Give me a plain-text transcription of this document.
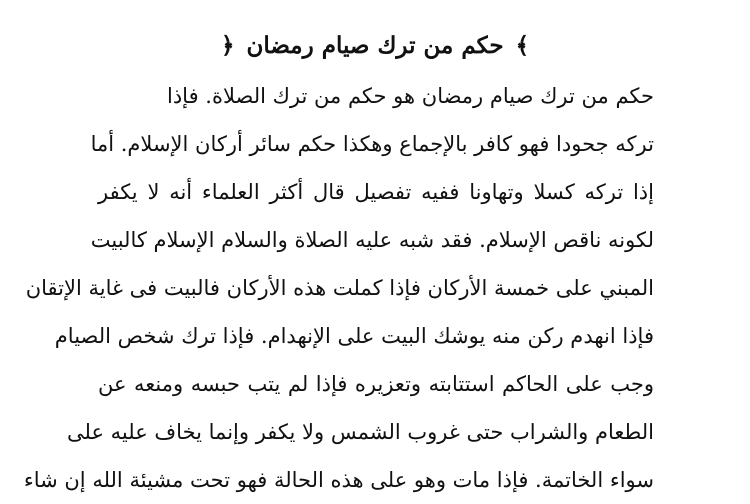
﴾ حكم من ترك صيام رمضان ﴿
حكم من ترك صيام رمضان هو حكم من ترك الصلاة. فإذا
تركه جحودا فهو كافر بالإجماع وهكذا حكم سائر أركان الإسلام. أما
إذا تركه كسلا وتهاونا ففيه تفصيل قال أكثر العلماء أنه لا يكفر
لكونه ناقص الإسلام. فقد شبه عليه الصلاة والسلام الإسلام كالبيت
المبني على خمسة الأركان فإذا كملت هذه الأركان فالبيت فى غاية الإتقان
فإذا انهدم ركن منه يوشك البيت على الإنهدام. فإذا ترك شخص الصيام
وجب على الحاكم استتابته وتعزيره فإذا لم يتب حبسه ومنعه عن
الطعام والشراب حتى غروب الشمس ولا يكفر وإنما يخاف عليه على
سواء الخاتمة. فإذا مات وهو على هذه الحالة فهو تحت مشيئة الله إن شاء
